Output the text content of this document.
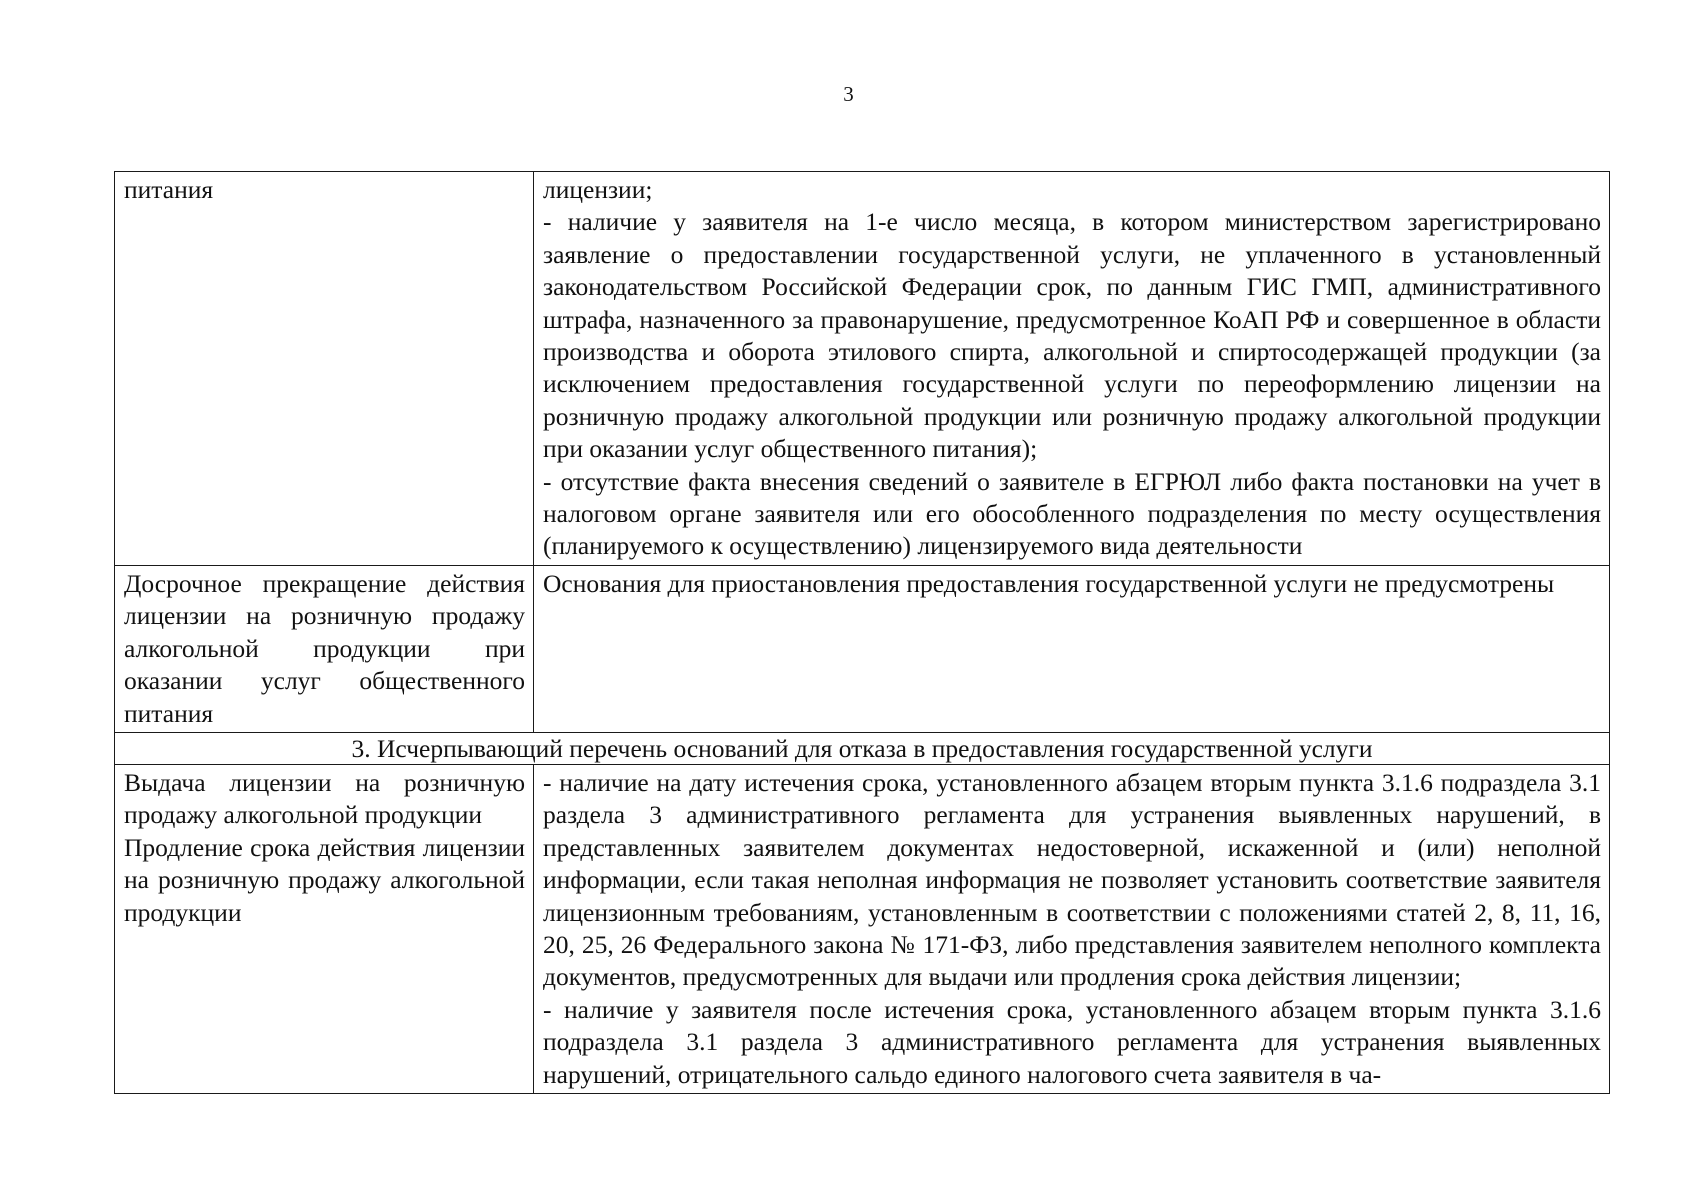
3
питания	лицензии;
- наличие у заявителя на 1-е число месяца, в котором министерством зарегистрировано заявление о предоставлении государственной услуги, не уплаченного в установленный законодательством Российской Федерации срок, по данным ГИС ГМП, административного штрафа, назначенного за правонарушение, предусмотренное КоАП РФ и совершенное в области производства и оборота этилового спирта, алкогольной и спиртосодержащей продукции (за исключением предоставления государственной услуги по переоформлению лицензии на розничную продажу алкогольной продукции или розничную продажу алкогольной продукции при оказании услуг общественного питания);
- отсутствие факта внесения сведений о заявителе в ЕГРЮЛ либо факта постановки на учет в налоговом органе заявителя или его обособленного подразделения по месту осуществления (планируемого к осуществлению) лицензируемого вида деятельности

Досрочное прекращение действия лицензии на розничную продажу алкогольной продукции при оказании услуг общественного питания	Основания для приостановления предоставления государственной услуги не предусмотрены

3. Исчерпывающий перечень оснований для отказа в предоставления государственной услуги	

Выдача лицензии на розничную продажу алкогольной продукции
Продление срока действия лицензии на розничную продажу алкогольной продукции	- наличие на дату истечения срока, установленного абзацем вторым пункта 3.1.6 подраздела 3.1 раздела 3 административного регламента для устранения выявленных нарушений, в представленных заявителем документах недостоверной, искаженной и (или) неполной информации, если такая неполная информация не позволяет установить соответствие заявителя лицензионным требованиям, установленным в соответствии с положениями статей 2, 8, 11, 16, 20, 25, 26 Федерального закона № 171-ФЗ, либо представления заявителем неполного комплекта документов, предусмотренных для выдачи или продления срока действия лицензии;
- наличие у заявителя после истечения срока, установленного абзацем вторым пункта 3.1.6 подраздела 3.1 раздела 3 административного регламента для устранения выявленных нарушений, отрицательного сальдо единого налогового счета заявителя в ча-
